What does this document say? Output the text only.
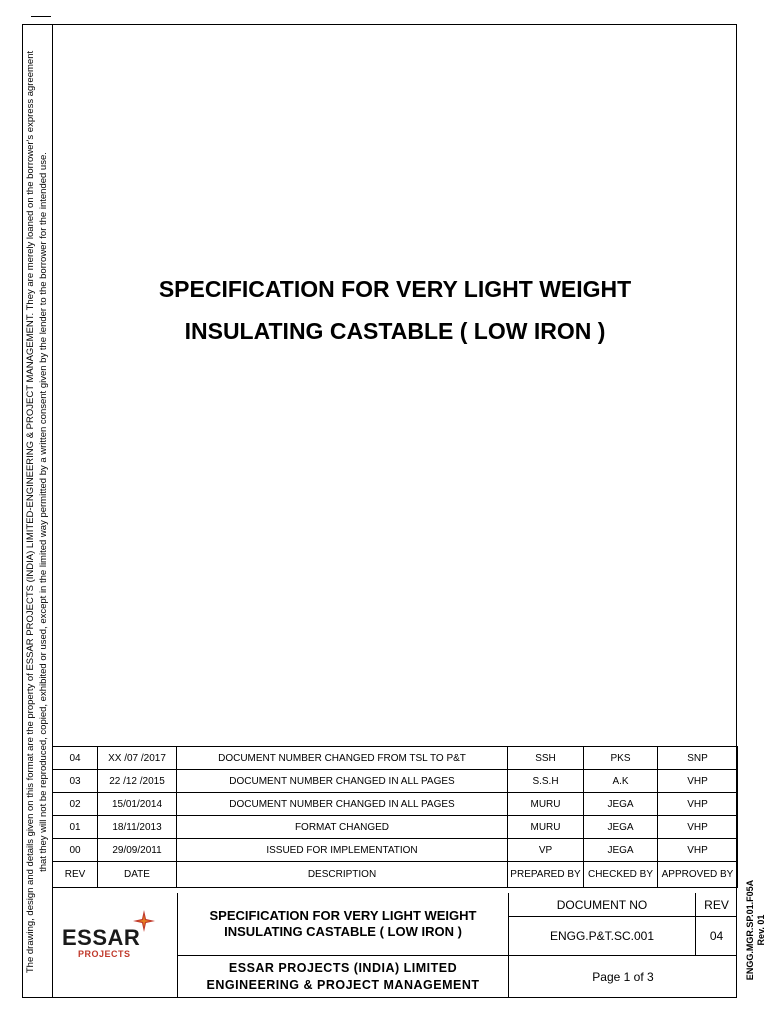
The drawing, design and details given on this format are the property of ESSAR PROJECTS (INDIA) LIMITED-ENGINEERING & PROJECT MANAGEMENT. They are merely loaned on the borrower's express agreement that they will not be reproduced, copied, exhibited or used, except in the limited way permitted by a written consent given by the lender to the borrower for the intended use.
ENGG.MGR.SP.01.F05A Rev. 01
SPECIFICATION FOR VERY LIGHT WEIGHT
INSULATING CASTABLE ( LOW IRON )
04	XX /07 /2017	DOCUMENT NUMBER CHANGED FROM TSL TO P&T	SSH	PKS	SNP
03	22 /12 /2015	DOCUMENT NUMBER CHANGED IN ALL PAGES	S.S.H	A.K	VHP
02	15/01/2014	DOCUMENT NUMBER CHANGED IN ALL PAGES	MURU	JEGA	VHP
01	18/11/2013	FORMAT CHANGED	MURU	JEGA	VHP
00	29/09/2011	ISSUED FOR IMPLEMENTATION	VP	JEGA	VHP
REV	DATE	DESCRIPTION	PREPARED BY	CHECKED BY	APPROVED BY
ESSAR
PROJECTS
SPECIFICATION FOR VERY LIGHT WEIGHT
INSULATING CASTABLE ( LOW IRON )
ESSAR PROJECTS (INDIA) LIMITED
ENGINEERING & PROJECT MANAGEMENT
DOCUMENT NO	REV
ENGG.P&T.SC.001	04
Page 1 of 3
